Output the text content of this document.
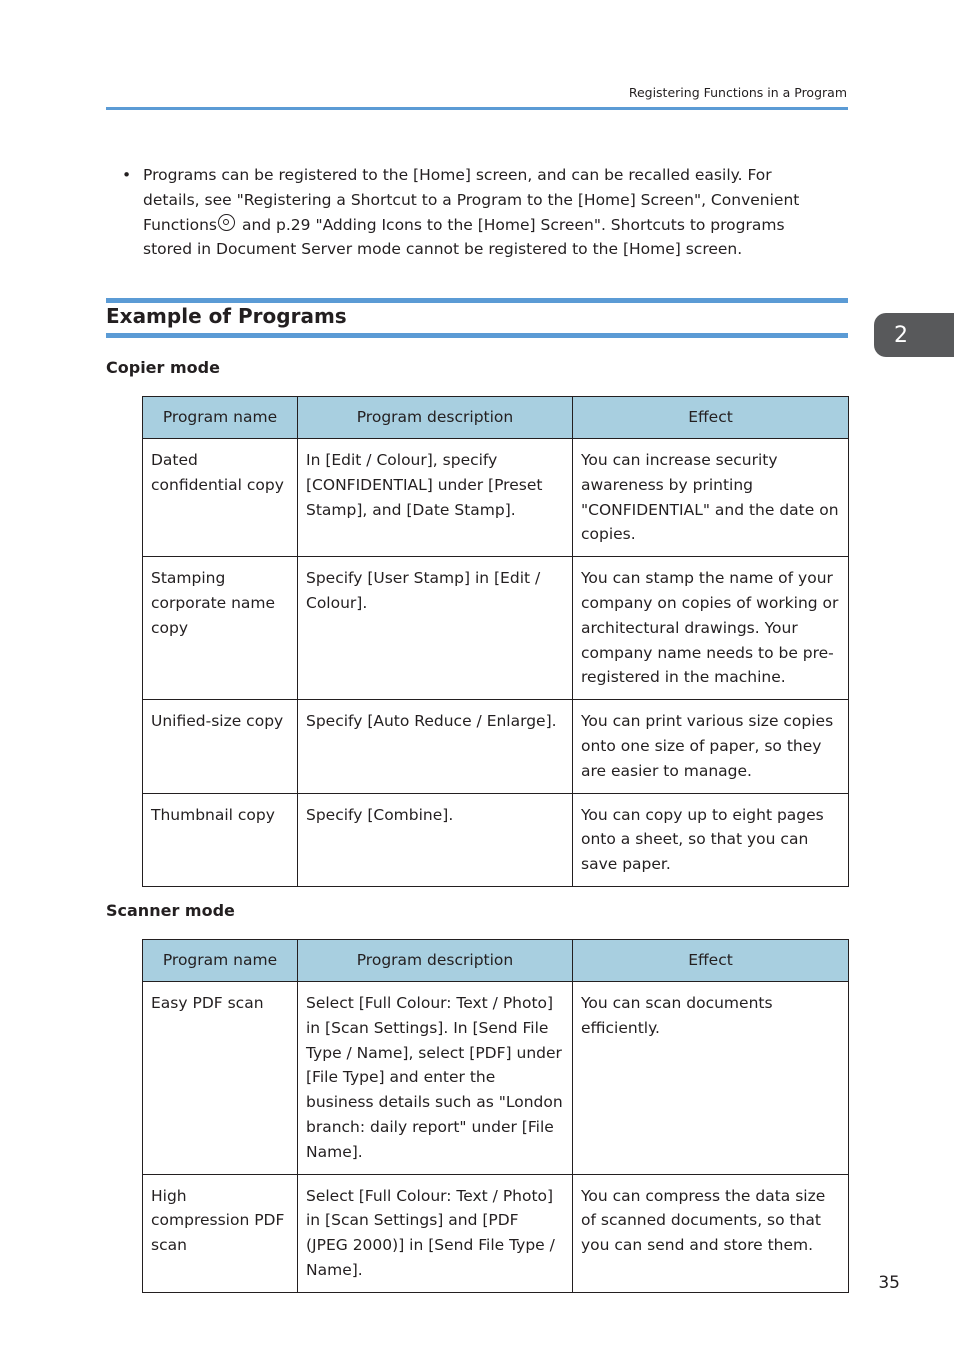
Registering Functions in a Program
• Programs can be registered to the [Home] screen, and can be recalled easily. For details, see "Registering a Shortcut to a Program to the [Home] Screen", Convenient Functions and p.29 "Adding Icons to the [Home] Screen". Shortcuts to programs stored in Document Server mode cannot be registered to the [Home] screen.
Example of Programs
2
Copier mode
Program name	Program description	Effect
Dated confidential copy	In [Edit / Colour], specify [CONFIDENTIAL] under [Preset Stamp], and [Date Stamp].	You can increase security awareness by printing "CONFIDENTIAL" and the date on copies.
Stamping corporate name copy	Specify [User Stamp] in [Edit / Colour].	You can stamp the name of your company on copies of working or architectural drawings. Your company name needs to be pre-registered in the machine.
Unified-size copy	Specify [Auto Reduce / Enlarge].	You can print various size copies onto one size of paper, so they are easier to manage.
Thumbnail copy	Specify [Combine].	You can copy up to eight pages onto a sheet, so that you can save paper.
Scanner mode
Program name	Program description	Effect
Easy PDF scan	Select [Full Colour: Text / Photo] in [Scan Settings]. In [Send File Type / Name], select [PDF] under [File Type] and enter the business details such as "London branch: daily report" under [File Name].	You can scan documents efficiently.
High compression PDF scan	Select [Full Colour: Text / Photo] in [Scan Settings] and [PDF (JPEG 2000)] in [Send File Type / Name].	You can compress the data size of scanned documents, so that you can send and store them.
35
